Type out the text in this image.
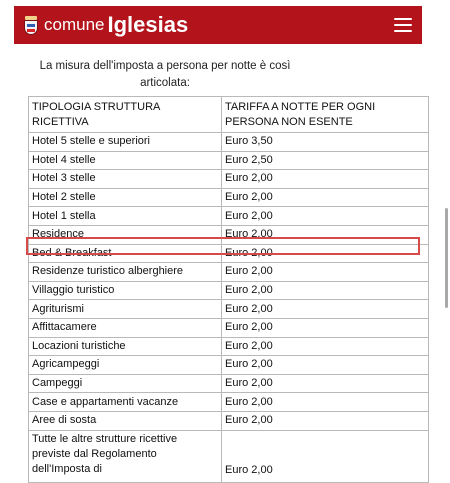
comune Iglesias

La misura dell'imposta a persona per notte è così articolata:

TIPOLOGIA STRUTTURA RICETTIVA	TARIFFA A NOTTE PER OGNI PERSONA NON ESENTE
Hotel 5 stelle e superiori	Euro 3,50
Hotel 4 stelle	Euro 2,50
Hotel 3 stelle	Euro 2,00
Hotel 2 stelle	Euro 2,00
Hotel 1 stella	Euro 2,00
Residence	Euro 2,00
Bed & Breakfast	Euro 2,00
Residenze turistico alberghiere	Euro 2,00
Villaggio turistico	Euro 2,00
Agriturismi	Euro 2,00
Affittacamere	Euro 2,00
Locazioni turistiche	Euro 2,00
Agricampeggi	Euro 2,00
Campeggi	Euro 2,00
Case e appartamenti vacanze	Euro 2,00
Aree di sosta	Euro 2,00
Tutte le altre strutture ricettive previste dal Regolamento dell'Imposta di	Euro 2,00
